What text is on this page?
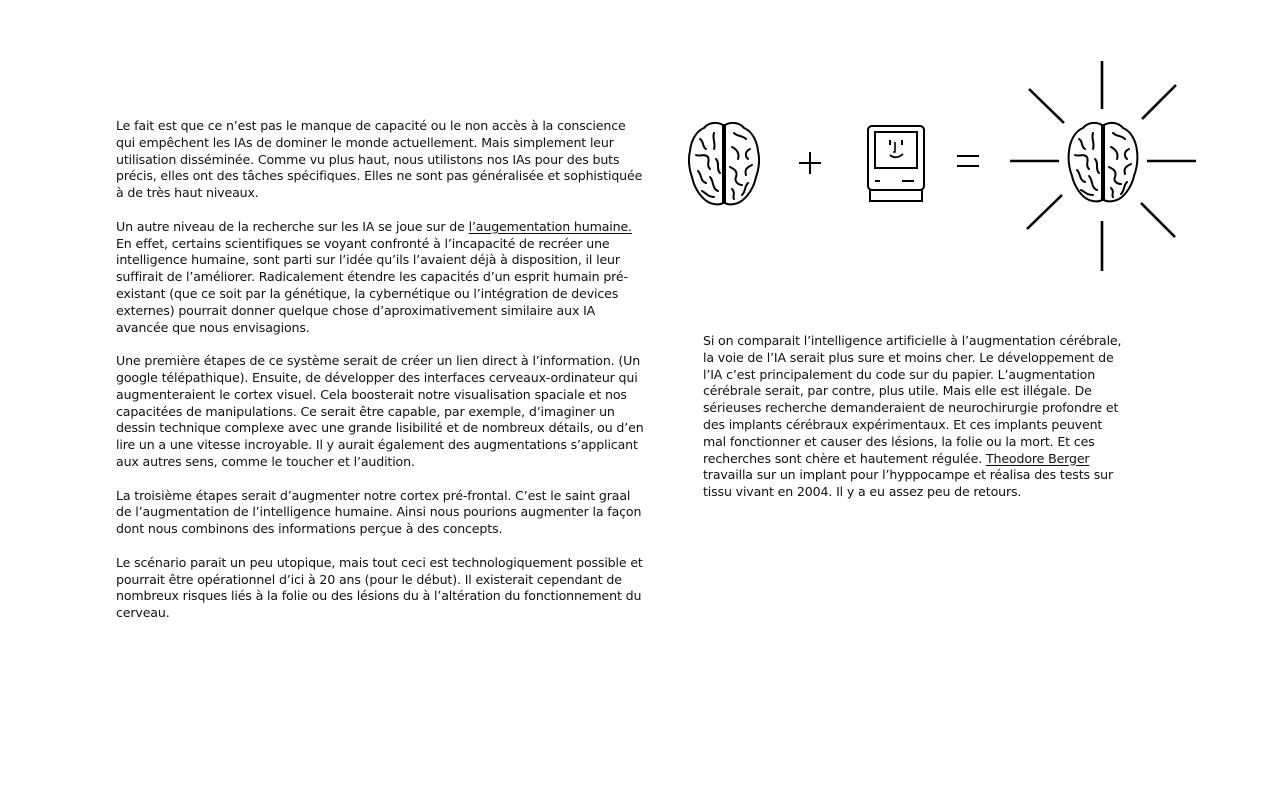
Le fait est que ce n’est pas le manque de capacité ou le non accès à la conscience qui empêchent les IAs de dominer le monde actuellement. Mais simplement leur utilisation disséminée. Comme vu plus haut, nous utilistons nos IAs pour des buts précis, elles ont des tâches spécifiques. Elles ne sont pas généralisée et sophistiquée à de très haut niveaux.

Un autre niveau de la recherche sur les IA se joue sur de l’augementation humaine. En effet, certains scientifiques se voyant confronté à l’incapacité de recréer une intelligence humaine, sont parti sur l’idée qu’ils l’avaient déjà à disposition, il leur suffirait de l’améliorer. Radicalement étendre les capacités d’un esprit humain pré-existant (que ce soit par la génétique, la cybernétique ou l’intégration de devices externes) pourrait donner quelque chose d’aproximativement similaire aux IA avancée que nous envisagions.

Une première étapes de ce système serait de créer un lien direct à l’information. (Un google télépathique). Ensuite, de développer des interfaces cerveaux-ordinateur qui augmenteraient le cortex visuel. Cela boosterait notre visualisation spaciale et nos capacitées de manipulations. Ce serait être capable, par exemple, d’imaginer un dessin technique complexe avec une grande lisibilité et de nombreux détails, ou d’en lire un a une vitesse incroyable. Il y aurait également des augmentations s’applicant aux autres sens, comme le toucher et l’audition.

La troisième étapes serait d’augmenter notre cortex pré-frontal. C’est le saint graal de l’augmentation de l’intelligence humaine. Ainsi nous pourions augmenter la façon dont nous combinons des informations perçue à des concepts.

Le scénario parait un peu utopique, mais tout ceci est technologiquement possible et pourrait être opérationnel d’ici à 20 ans (pour le début). Il existerait cependant de nombreux risques liés à la folie ou des lésions du à l’altération du fonctionnement du cerveau.

Si on comparait l’intelligence artificielle à l’augmentation cérébrale, la voie de l’IA serait plus sure et moins cher. Le développement de l’IA c’est principalement du code sur du papier. L’augmentation cérébrale serait, par contre, plus utile. Mais elle est illégale. De sérieuses recherche demanderaient de neurochirurgie profondre et des implants cérébraux expérimentaux. Et ces implants peuvent mal fonctionner et causer des lésions, la folie ou la mort. Et ces recherches sont chère et hautement régulée. Theodore Berger travailla sur un implant pour l’hyppocampe et réalisa des tests sur tissu vivant en 2004. Il y a eu assez peu de retours.
